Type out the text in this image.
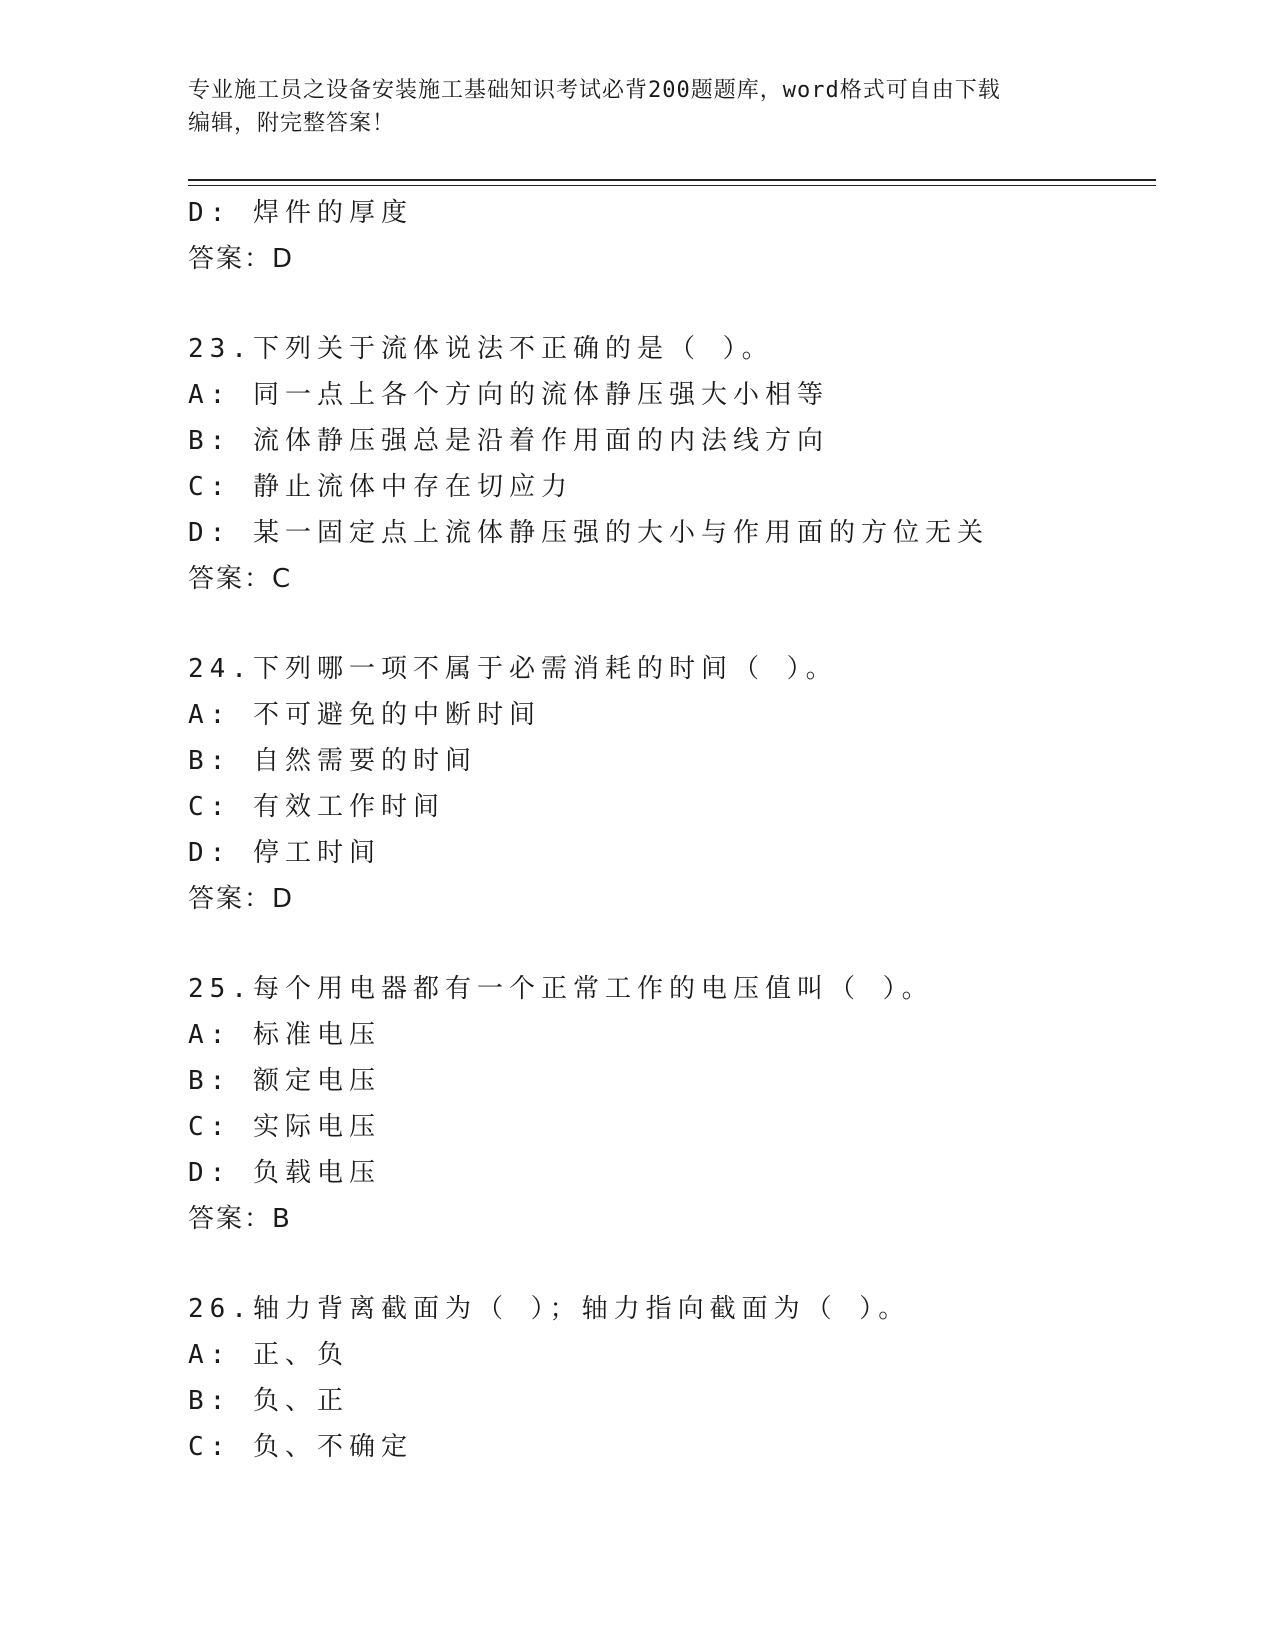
专业施工员之设备安装施工基础知识考试必背200题题库，word格式可自由下载
编辑，附完整答案！
D: 焊件的厚度
答案：D
23.下列关于流体说法不正确的是（ ）。
A: 同一点上各个方向的流体静压强大小相等
B: 流体静压强总是沿着作用面的内法线方向
C: 静止流体中存在切应力
D: 某一固定点上流体静压强的大小与作用面的方位无关
答案：C
24.下列哪一项不属于必需消耗的时间（ ）。
A: 不可避免的中断时间
B: 自然需要的时间
C: 有效工作时间
D: 停工时间
答案：D
25.每个用电器都有一个正常工作的电压值叫（ ）。
A: 标准电压
B: 额定电压
C: 实际电压
D: 负载电压
答案：B
26.轴力背离截面为（ ）；轴力指向截面为（ ）。
A: 正、负
B: 负、正
C: 负、不确定
